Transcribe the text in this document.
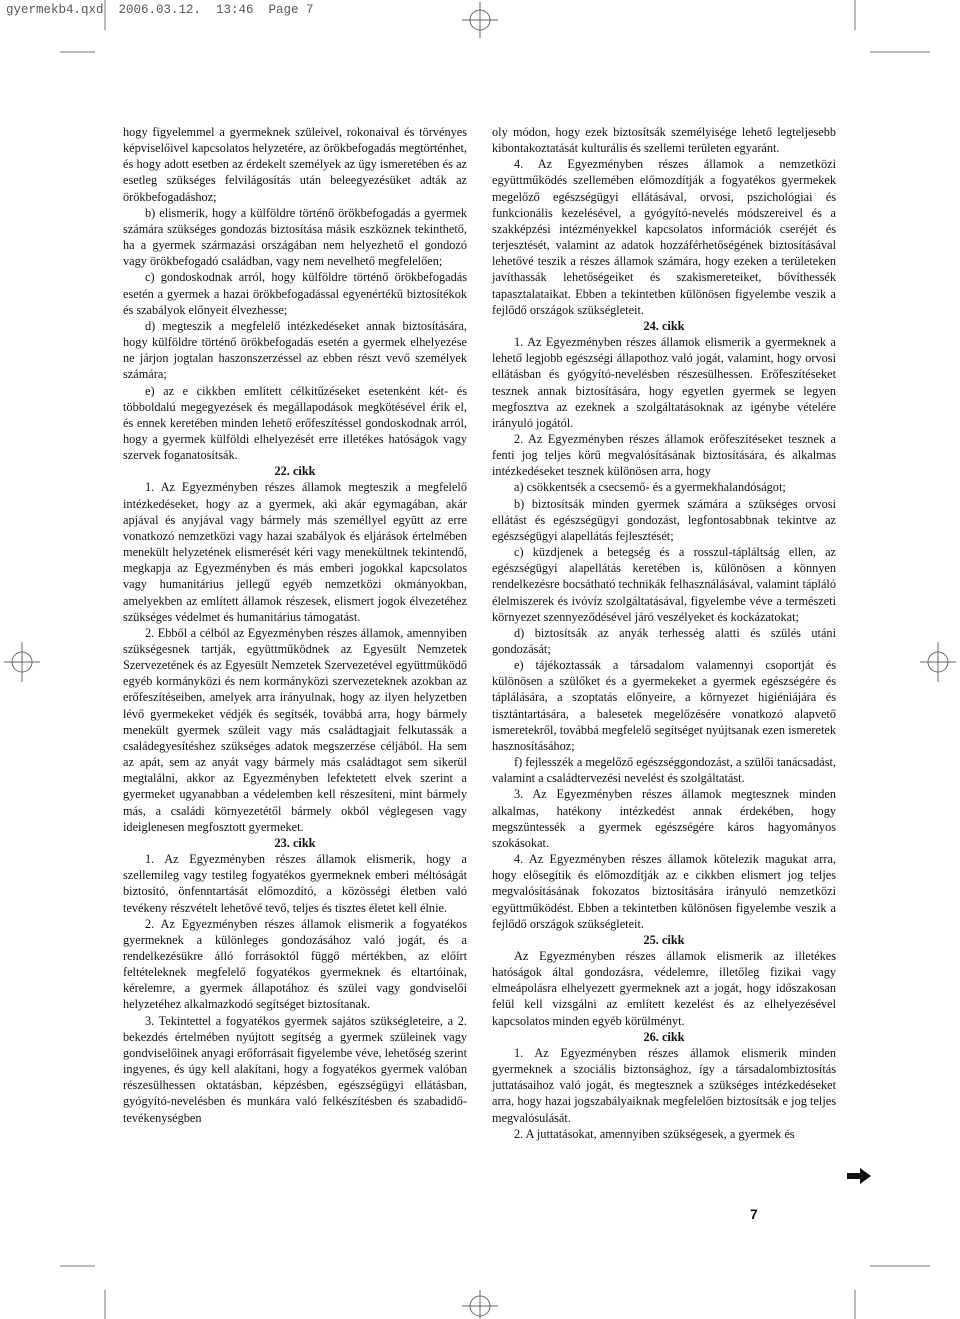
gyermekb4.qxd  2006.03.12.  13:46  Page 7

hogy figyelemmel a gyermeknek szüleivel, rokonaival és törvényes képviselőivel kapcsolatos helyzetére, az örökbefogadás megtörténhet, és hogy adott esetben az érdekelt személyek az ügy ismeretében és az esetleg szükséges felvilágosítás után beleegyezésüket adták az örökbefogadáshoz;

b) elismerik, hogy a külföldre történő örökbefogadás a gyermek számára szükséges gondozás biztosítása másik eszköznek tekinthető, ha a gyermek származási országában nem helyezhető el gondozó vagy örökbefogadó családban, vagy nem nevelhető megfelelően;

c) gondoskodnak arról, hogy külföldre történő örökbefogadás esetén a gyermek a hazai örökbefogadással egyenértékű biztosítékok és szabályok előnyeit élvezhesse;

d) megteszik a megfelelő intézkedéseket annak biztosítására, hogy külföldre történő örökbefogadás esetén a gyermek elhelyezése ne járjon jogtalan haszonszerzéssel az ebben részt vevő személyek számára;

e) az e cikkben említett célkitűzéseket esetenként két- és többoldalú megegyezések és megállapodások megkötésével érik el, és ennek keretében minden lehető erőfeszítéssel gondoskodnak arról, hogy a gyermek külföldi elhelyezését erre illetékes hatóságok vagy szervek foganatosítsák.

22. cikk

1. Az Egyezményben részes államok megteszik a megfelelő intézkedéseket, hogy az a gyermek, aki akár egymagában, akár apjával és anyjával vagy bármely más személlyel együtt az erre vonatkozó nemzetközi vagy hazai szabályok és eljárások értelmében menekült helyzetének elismerését kéri vagy menekültnek tekintendő, megkapja az Egyezményben és más emberi jogokkal kapcsolatos vagy humanitárius jellegű egyéb nemzetközi okmányokban, amelyekben az említett államok részesek, elismert jogok élvezetéhez szükséges védelmet és humanitárius támogatást.

2. Ebből a célból az Egyezményben részes államok, amennyiben szükségesnek tartják, együttműködnek az Egyesült Nemzetek Szervezetének és az Egyesült Nemzetek Szervezetével együttműködő egyéb kormányközi és nem kormányközi szervezeteknek azokban az erőfeszítéseiben, amelyek arra irányulnak, hogy az ilyen helyzetben lévő gyermekeket védjék és segítsék, továbbá arra, hogy bármely menekült gyermek szüleit vagy más családtagjait felkutassák a családegyesítéshez szükséges adatok megszerzése céljából. Ha sem az apát, sem az anyát vagy bármely más családtagot sem sikerül megtalálni, akkor az Egyezményben lefektetett elvek szerint a gyermeket ugyanabban a védelemben kell részesíteni, mint bármely más, a családi környezetétől bármely okból véglegesen vagy ideiglenesen megfosztott gyermeket.

23. cikk

1. Az Egyezményben részes államok elismerik, hogy a szellemileg vagy testileg fogyatékos gyermeknek emberi méltóságát biztosító, önfenntartását előmozdító, a közösségi életben való tevékeny részvételt lehetővé tevő, teljes és tisztes életet kell élnie.

2. Az Egyezményben részes államok elismerik a fogyatékos gyermeknek a különleges gondozásához való jogát, és a rendelkezésükre álló forrásoktól függő mértékben, az előírt feltételeknek megfelelő fogyatékos gyermeknek és eltartóinak, kérelemre, a gyermek állapotához és szülei vagy gondviselői helyzetéhez alkalmazkodó segítséget biztosítanak.

3. Tekintettel a fogyatékos gyermek sajátos szükségleteire, a 2. bekezdés értelmében nyújtott segítség a gyermek szüleinek vagy gondviselőinek anyagi erőforrásait figyelembe véve, lehetőség szerint ingyenes, és úgy kell alakítani, hogy a fogyatékos gyermek valóban részesülhessen oktatásban, képzésben, egészségügyi ellátásban, gyógyító-nevelésben és munkára való felkészítésben és szabadidő-tevékenységben

oly módon, hogy ezek biztosítsák személyisége lehető legteljesebb kibontakoztatását kulturális és szellemi területen egyaránt.

4. Az Egyezményben részes államok a nemzetközi együttműködés szellemében előmozdítják a fogyatékos gyermekek megelőző egészségügyi ellátásával, orvosi, pszichológiai és funkcionális kezelésével, a gyógyító-nevelés módszereivel és a szakképzési intézményekkel kapcsolatos információk cseréjét és terjesztését, valamint az adatok hozzáférhetőségének biztosításával lehetővé teszik a részes államok számára, hogy ezeken a területeken javíthassák lehetőségeiket és szakismereteiket, bővíthessék tapasztalataikat. Ebben a tekintetben különösen figyelembe veszik a fejlődő országok szükségleteit.

24. cikk

1. Az Egyezményben részes államok elismerik a gyermeknek a lehető legjobb egészségi állapothoz való jogát, valamint, hogy orvosi ellátásban és gyógyító-nevelésben részesülhessen. Erőfeszítéseket tesznek annak biztosítására, hogy egyetlen gyermek se legyen megfosztva az ezeknek a szolgáltatásoknak az igénybe vételére irányuló jogától.

2. Az Egyezményben részes államok erőfeszítéseket tesznek a fenti jog teljes körű megvalósításának biztosítására, és alkalmas intézkedéseket tesznek különösen arra, hogy

a) csökkentsék a csecsemő- és a gyermekhalandóságot;

b) biztosítsák minden gyermek számára a szükséges orvosi ellátást és egészségügyi gondozást, legfontosabbnak tekintve az egészségügyi alapellátás fejlesztését;

c) küzdjenek a betegség és a rosszul-tápláltság ellen, az egészségügyi alapellátás keretében is, különösen a könnyen rendelkezésre bocsátható technikák felhasználásával, valamint tápláló élelmiszerek és ivóvíz szolgáltatásával, figyelembe véve a természeti környezet szennyeződésével járó veszélyeket és kockázatokat;

d) biztosítsák az anyák terhesség alatti és szülés utáni gondozását;

e) tájékoztassák a társadalom valamennyi csoportját és különösen a szülőket és a gyermekeket a gyermek egészségére és táplálására, a szoptatás előnyeire, a környezet higiéniájára és tisztántartására, a balesetek megelőzésére vonatkozó alapvető ismeretekről, továbbá megfelelő segítséget nyújtsanak ezen ismeretek hasznosításához;

f) fejlesszék a megelőző egészséggondozást, a szülői tanácsadást, valamint a családtervezési nevelést és szolgáltatást.

3. Az Egyezményben részes államok megtesznek minden alkalmas, hatékony intézkedést annak érdekében, hogy megszüntessék a gyermek egészségére káros hagyományos szokásokat.

4. Az Egyezményben részes államok kötelezik magukat arra, hogy elősegítik és előmozdítják az e cikkben elismert jog teljes megvalósításának fokozatos biztosítására irányuló nemzetközi együttműködést. Ebben a tekintetben különösen figyelembe veszik a fejlődő országok szükségleteit.

25. cikk

Az Egyezményben részes államok elismerik az illetékes hatóságok által gondozásra, védelemre, illetőleg fizikai vagy elmeápolásra elhelyezett gyermeknek azt a jogát, hogy időszakosan felül kell vizsgálni az említett kezelést és az elhelyezésével kapcsolatos minden egyéb körülményt.

26. cikk

1. Az Egyezményben részes államok elismerik minden gyermeknek a szociális biztonsághoz, így a társadalombiztosítás juttatásaihoz való jogát, és megtesznek a szükséges intézkedéseket arra, hogy hazai jogszabályaiknak megfelelően biztosítsák e jog teljes megvalósulását.

2. A juttatásokat, amennyiben szükségesek, a gyermek és

7
